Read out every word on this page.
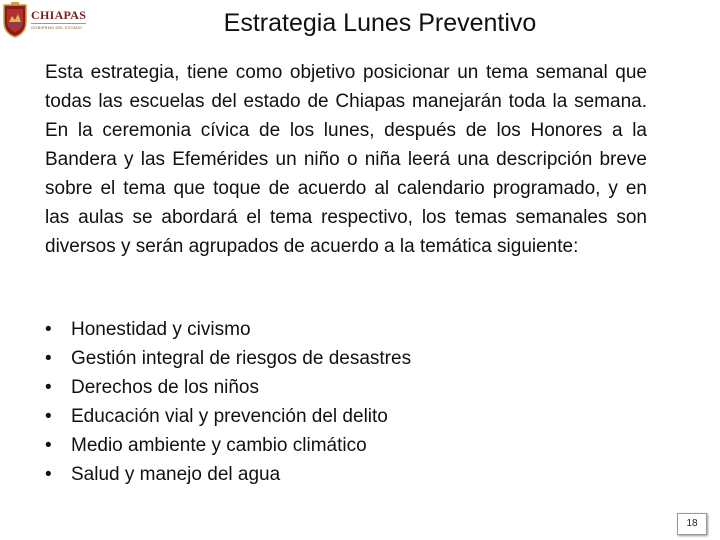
CHIAPAS
GOBIERNO DEL ESTADO	Estrategia Lunes Preventivo

Esta estrategia, tiene como objetivo posicionar un tema semanal que todas las escuelas del estado de Chiapas manejarán toda la semana. En la ceremonia cívica de los lunes, después de los Honores a la Bandera y las Efemérides un niño o niña leerá una descripción breve sobre el tema que toque de acuerdo al calendario programado, y en las aulas se abordará el tema respectivo, los temas semanales son diversos y serán agrupados de acuerdo a la temática siguiente:

•	Honestidad y civismo
•	Gestión integral de riesgos de desastres
•	Derechos de los niños
•	Educación vial y prevención del delito
•	Medio ambiente y cambio climático
•	Salud y manejo del agua
18
